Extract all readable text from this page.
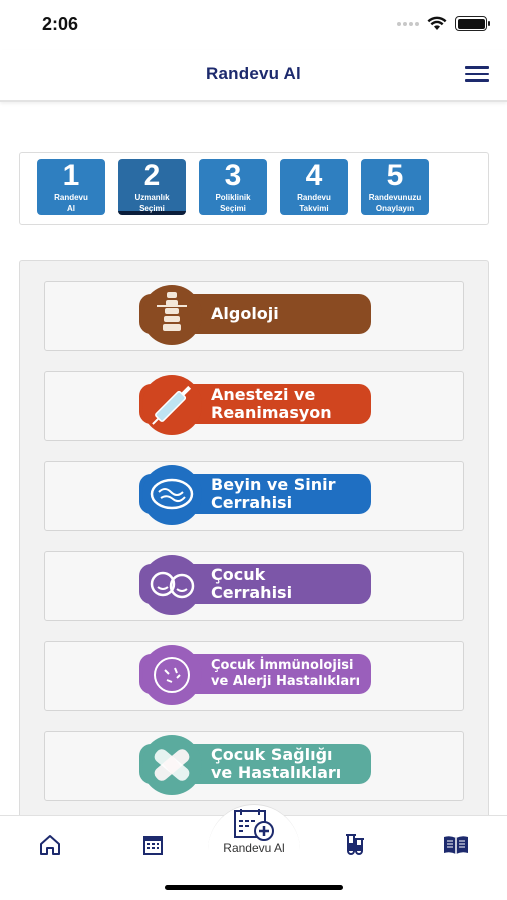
2:06
Randevu Al
1
Randevu
Al
2
Uzmanlık
Seçimi
3
Poliklinik
Seçimi
4
Randevu
Takvimi
5
Randevunuzu
Onaylayın
Algoloji
Anestezi ve
Reanimasyon
Beyin ve Sinir
Cerrahisi
Çocuk
Cerrahisi
Çocuk İmmünolojisi
ve Alerji Hastalıkları
Çocuk Sağlığı
ve Hastalıkları
Randevu Al
